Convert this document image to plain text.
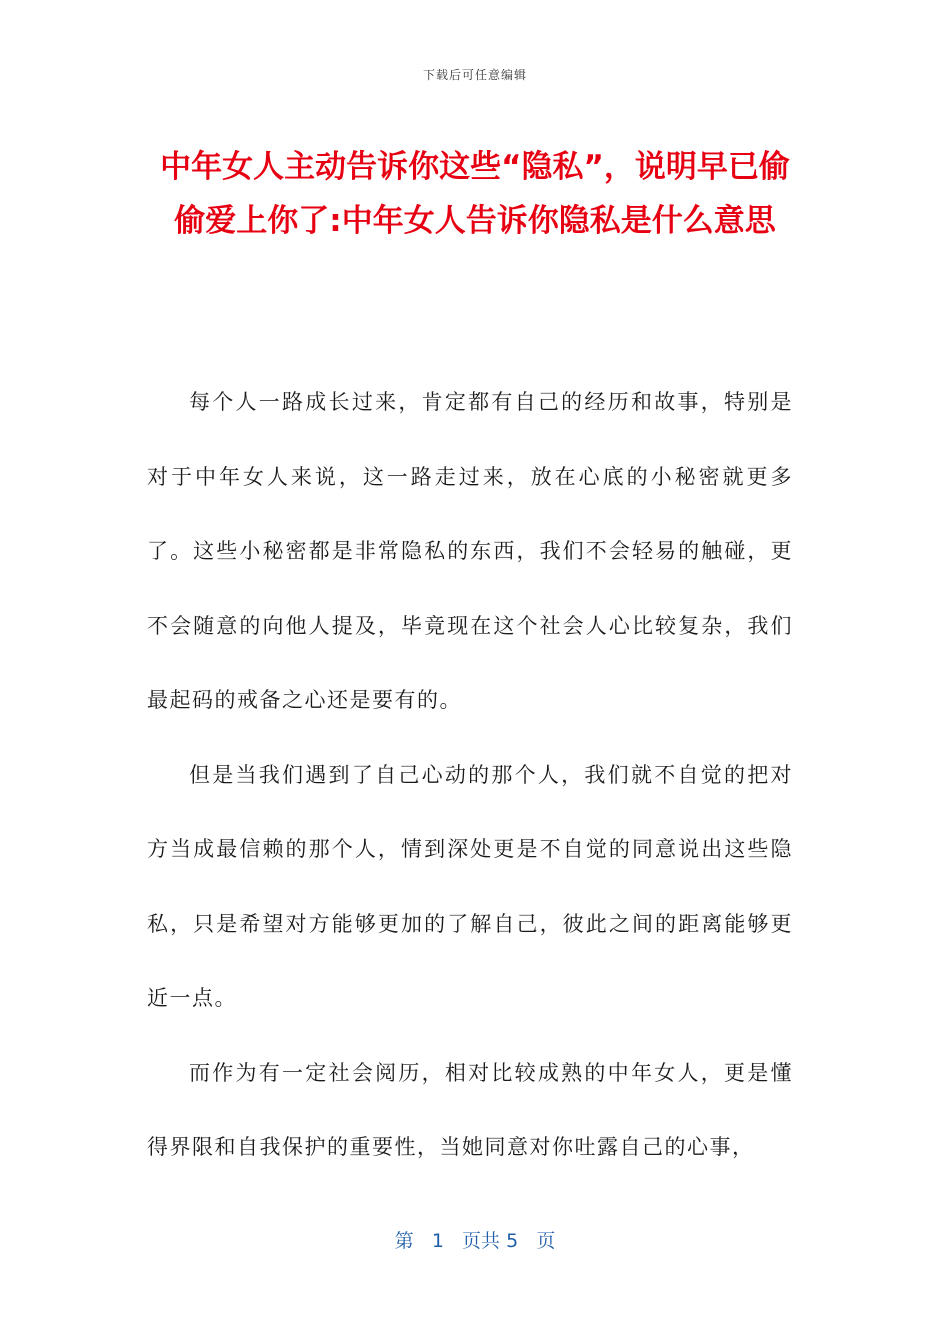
下载后可任意编辑
中年女人主动告诉你这些“隐私”，说明早已偷偷爱上你了:中年女人告诉你隐私是什么意思

每个人一路成长过来，肯定都有自己的经历和故事，特别是对于中年女人来说，这一路走过来，放在心底的小秘密就更多了。这些小秘密都是非常隐私的东西，我们不会轻易的触碰，更不会随意的向他人提及，毕竟现在这个社会人心比较复杂，我们最起码的戒备之心还是要有的。

但是当我们遇到了自己心动的那个人，我们就不自觉的把对方当成最信赖的那个人，情到深处更是不自觉的同意说出这些隐私，只是希望对方能够更加的了解自己，彼此之间的距离能够更近一点。

而作为有一定社会阅历，相对比较成熟的中年女人，更是懂得界限和自我保护的重要性，当她同意对你吐露自己的心事，

第 1 页共 5 页
